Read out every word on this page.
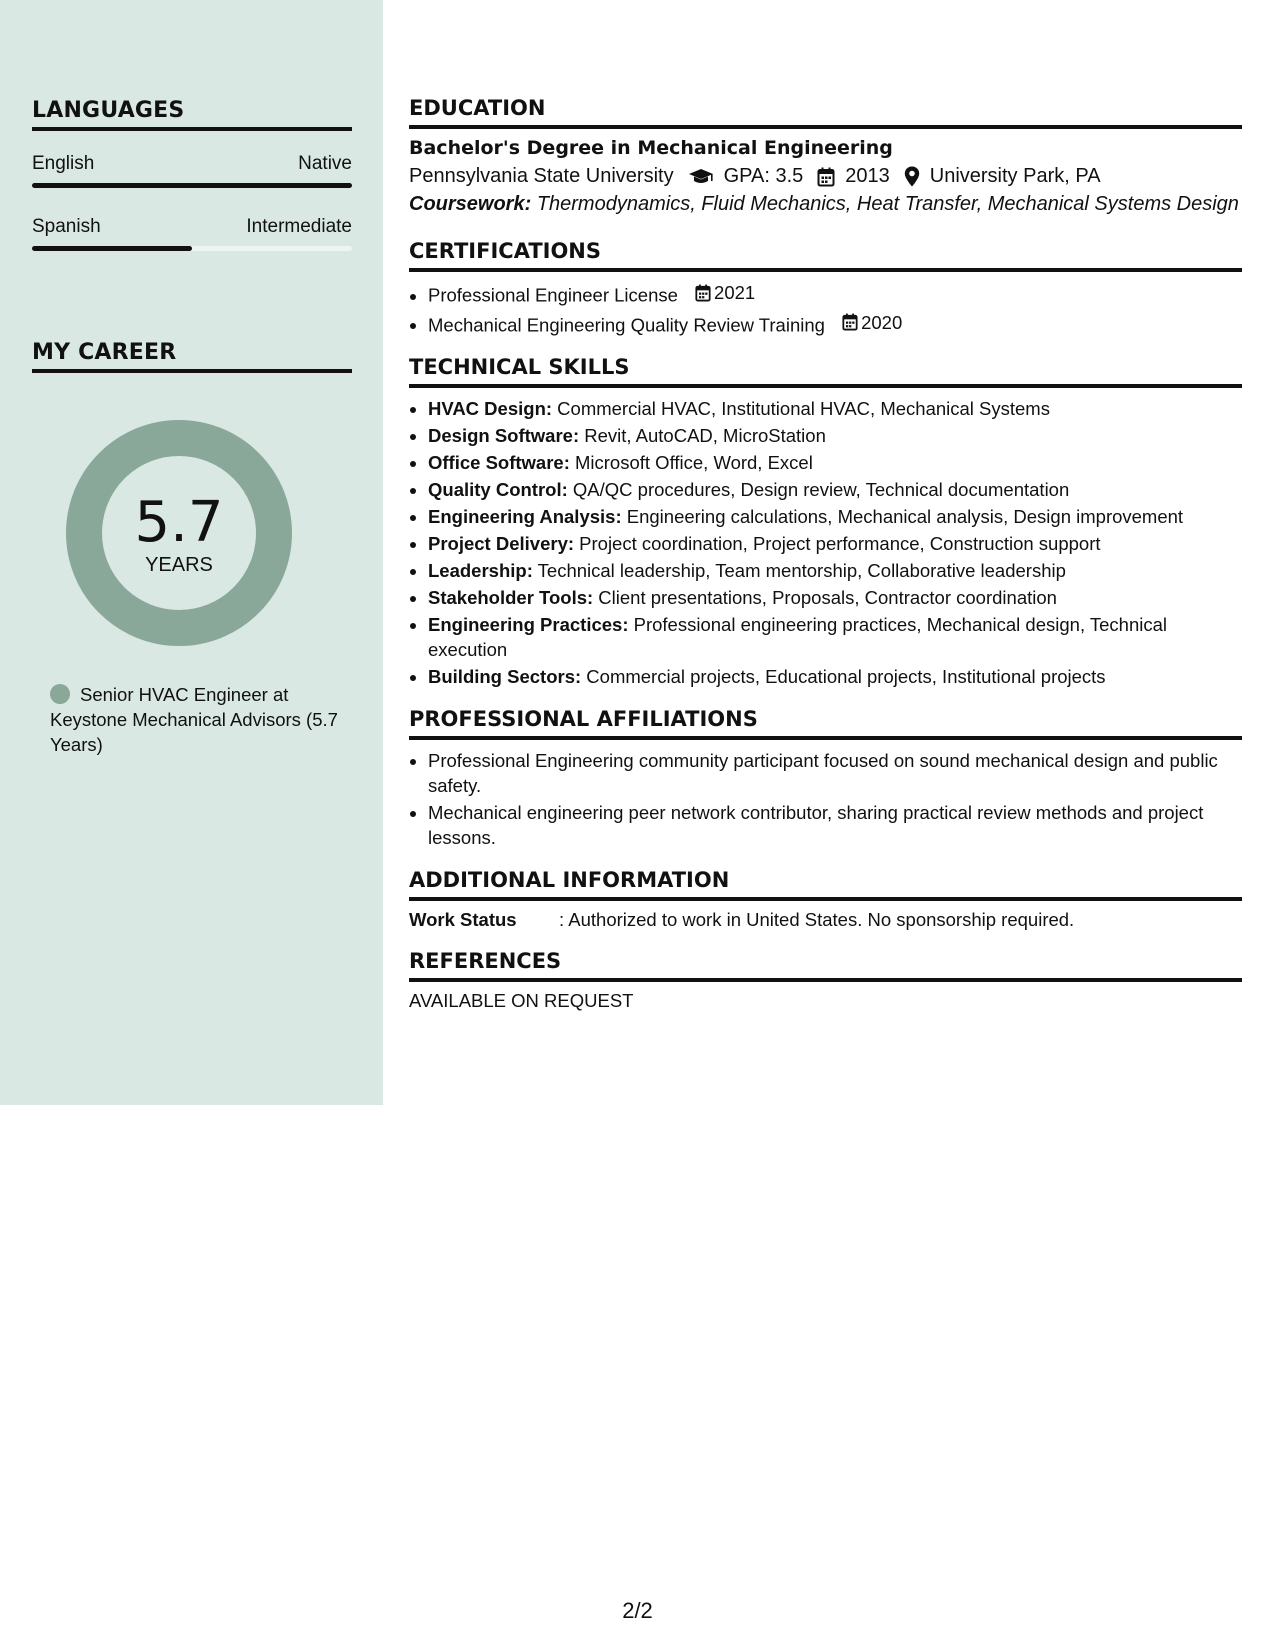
LANGUAGES
English	Native
Spanish	Intermediate
MY CAREER
5.7
YEARS
Senior HVAC Engineer at Keystone Mechanical Advisors (5.7 Years)
EDUCATION
Bachelor's Degree in Mechanical Engineering
Pennsylvania State University	GPA: 3.5 2013 University Park, PA
Coursework: Thermodynamics, Fluid Mechanics, Heat Transfer, Mechanical Systems Design
CERTIFICATIONS
• Professional Engineer License 2021
• Mechanical Engineering Quality Review Training 2020
TECHNICAL SKILLS
• HVAC Design: Commercial HVAC, Institutional HVAC, Mechanical Systems
• Design Software: Revit, AutoCAD, MicroStation
• Office Software: Microsoft Office, Word, Excel
• Quality Control: QA/QC procedures, Design review, Technical documentation
• Engineering Analysis: Engineering calculations, Mechanical analysis, Design improvement
• Project Delivery: Project coordination, Project performance, Construction support
• Leadership: Technical leadership, Team mentorship, Collaborative leadership
• Stakeholder Tools: Client presentations, Proposals, Contractor coordination
• Engineering Practices: Professional engineering practices, Mechanical design, Technical execution
• Building Sectors: Commercial projects, Educational projects, Institutional projects
PROFESSIONAL AFFILIATIONS
• Professional Engineering community participant focused on sound mechanical design and public safety.
• Mechanical engineering peer network contributor, sharing practical review methods and project lessons.
ADDITIONAL INFORMATION
Work Status	: Authorized to work in United States. No sponsorship required.
REFERENCES
AVAILABLE ON REQUEST
2/2
